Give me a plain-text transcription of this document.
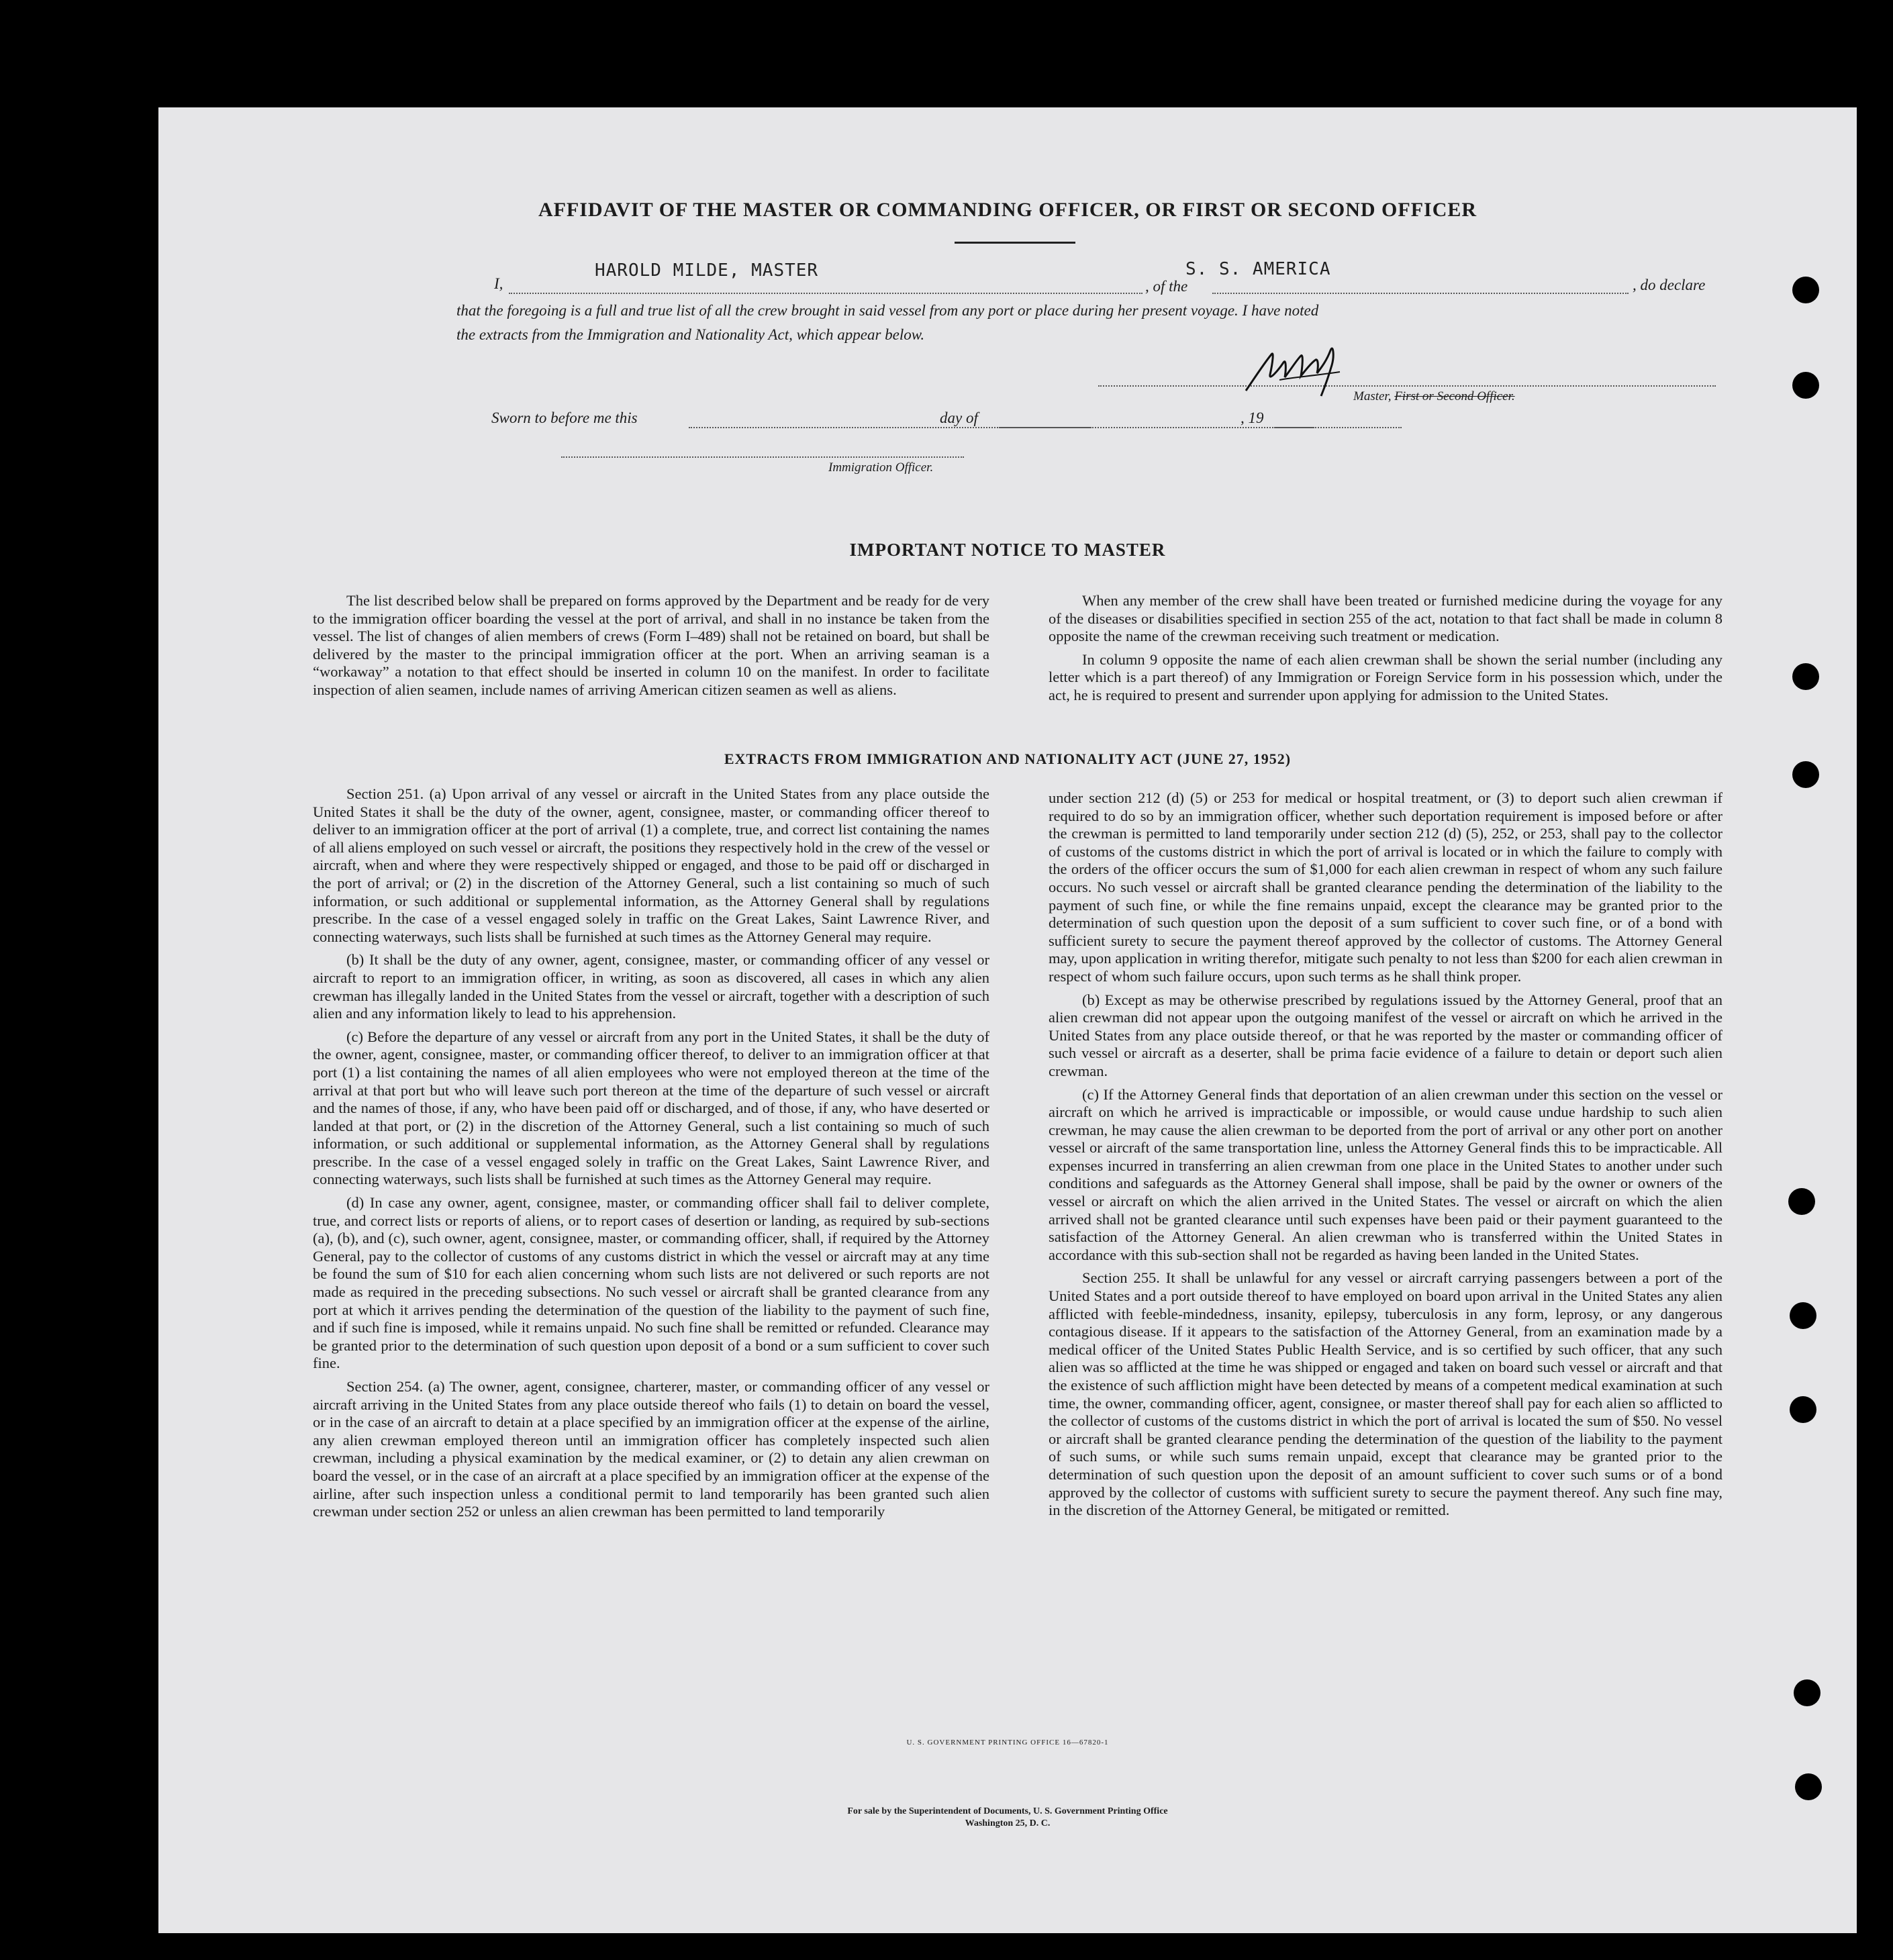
AFFIDAVIT OF THE MASTER OR COMMANDING OFFICER, OR FIRST OR SECOND OFFICER
I,
HAROLD MILDE, MASTER
, of the
S. S. AMERICA
, do declare
that the foregoing is a full and true list of all the crew brought in said vessel from any port or place during her present voyage. I have noted
the extracts from the Immigration and Nationality Act, which appear below.
Master, First or Second Officer.
Sworn to before me this	day of	, 19
Immigration Officer.
IMPORTANT NOTICE TO MASTER

The list described below shall be prepared on forms approved by the Department and be ready for de very to the immigration officer boarding the vessel at the port of arrival, and shall in no instance be taken from the vessel. The list of changes of alien members of crews (Form I–489) shall not be retained on board, but shall be delivered by the master to the principal immigration officer at the port. When an arriving seaman is a “workaway” a notation to that effect should be inserted in column 10 on the manifest. In order to facilitate inspection of alien seamen, include names of arriving American citizen seamen as well as aliens.

When any member of the crew shall have been treated or furnished medicine during the voyage for any of the diseases or disabilities specified in section 255 of the act, notation to that fact shall be made in column 8 opposite the name of the crewman receiving such treatment or medication.

In column 9 opposite the name of each alien crewman shall be shown the serial number (including any letter which is a part thereof) of any Immigration or Foreign Service form in his possession which, under the act, he is required to present and surrender upon applying for admission to the United States.

EXTRACTS FROM IMMIGRATION AND NATIONALITY ACT (JUNE 27, 1952)

Section 251. (a) Upon arrival of any vessel or aircraft in the United States from any place outside the United States it shall be the duty of the owner, agent, consignee, master, or commanding officer thereof to deliver to an immigration officer at the port of arrival (1) a complete, true, and correct list containing the names of all aliens employed on such vessel or aircraft, the positions they respectively hold in the crew of the vessel or aircraft, when and where they were respectively shipped or engaged, and those to be paid off or discharged in the port of arrival; or (2) in the discretion of the Attorney General, such a list containing so much of such information, or such additional or supplemental information, as the Attorney General shall by regulations prescribe. In the case of a vessel engaged solely in traffic on the Great Lakes, Saint Lawrence River, and connecting waterways, such lists shall be furnished at such times as the Attorney General may require.

(b) It shall be the duty of any owner, agent, consignee, master, or commanding officer of any vessel or aircraft to report to an immigration officer, in writing, as soon as discovered, all cases in which any alien crewman has illegally landed in the United States from the vessel or aircraft, together with a description of such alien and any information likely to lead to his apprehension.

(c) Before the departure of any vessel or aircraft from any port in the United States, it shall be the duty of the owner, agent, consignee, master, or commanding officer thereof, to deliver to an immigration officer at that port (1) a list containing the names of all alien employees who were not employed thereon at the time of the arrival at that port but who will leave such port thereon at the time of the departure of such vessel or aircraft and the names of those, if any, who have been paid off or discharged, and of those, if any, who have deserted or landed at that port, or (2) in the discretion of the Attorney General, such a list containing so much of such information, or such additional or supplemental information, as the Attorney General shall by regulations prescribe. In the case of a vessel engaged solely in traffic on the Great Lakes, Saint Lawrence River, and connecting waterways, such lists shall be furnished at such times as the Attorney General may require.

(d) In case any owner, agent, consignee, master, or commanding officer shall fail to deliver complete, true, and correct lists or reports of aliens, or to report cases of desertion or landing, as required by sub-sections (a), (b), and (c), such owner, agent, consignee, master, or commanding officer, shall, if required by the Attorney General, pay to the collector of customs of any customs district in which the vessel or aircraft may at any time be found the sum of $10 for each alien concerning whom such lists are not delivered or such reports are not made as required in the preceding subsections. No such vessel or aircraft shall be granted clearance from any port at which it arrives pending the determination of the question of the liability to the payment of such fine, and if such fine is imposed, while it remains unpaid. No such fine shall be remitted or refunded. Clearance may be granted prior to the determination of such question upon deposit of a bond or a sum sufficient to cover such fine.

Section 254. (a) The owner, agent, consignee, charterer, master, or commanding officer of any vessel or aircraft arriving in the United States from any place outside thereof who fails (1) to detain on board the vessel, or in the case of an aircraft to detain at a place specified by an immigration officer at the expense of the airline, any alien crewman employed thereon until an immigration officer has completely inspected such alien crewman, including a physical examination by the medical examiner, or (2) to detain any alien crewman on board the vessel, or in the case of an aircraft at a place specified by an immigration officer at the expense of the airline, after such inspection unless a conditional permit to land temporarily has been granted such alien crewman under section 252 or unless an alien crewman has been permitted to land temporarily

under section 212 (d) (5) or 253 for medical or hospital treatment, or (3) to deport such alien crewman if required to do so by an immigration officer, whether such deportation requirement is imposed before or after the crewman is permitted to land temporarily under section 212 (d) (5), 252, or 253, shall pay to the collector of customs of the customs district in which the port of arrival is located or in which the failure to comply with the orders of the officer occurs the sum of $1,000 for each alien crewman in respect of whom any such failure occurs. No such vessel or aircraft shall be granted clearance pending the determination of the liability to the payment of such fine, or while the fine remains unpaid, except the clearance may be granted prior to the determination of such question upon the deposit of a sum sufficient to cover such fine, or of a bond with sufficient surety to secure the payment thereof approved by the collector of customs. The Attorney General may, upon application in writing therefor, mitigate such penalty to not less than $200 for each alien crewman in respect of whom such failure occurs, upon such terms as he shall think proper.

(b) Except as may be otherwise prescribed by regulations issued by the Attorney General, proof that an alien crewman did not appear upon the outgoing manifest of the vessel or aircraft on which he arrived in the United States from any place outside thereof, or that he was reported by the master or commanding officer of such vessel or aircraft as a deserter, shall be prima facie evidence of a failure to detain or deport such alien crewman.

(c) If the Attorney General finds that deportation of an alien crewman under this section on the vessel or aircraft on which he arrived is impracticable or impossible, or would cause undue hardship to such alien crewman, he may cause the alien crewman to be deported from the port of arrival or any other port on another vessel or aircraft of the same transportation line, unless the Attorney General finds this to be impracticable. All expenses incurred in transferring an alien crewman from one place in the United States to another under such conditions and safeguards as the Attorney General shall impose, shall be paid by the owner or owners of the vessel or aircraft on which the alien arrived in the United States. The vessel or aircraft on which the alien arrived shall not be granted clearance until such expenses have been paid or their payment guaranteed to the satisfaction of the Attorney General. An alien crewman who is transferred within the United States in accordance with this sub-section shall not be regarded as having been landed in the United States.

Section 255. It shall be unlawful for any vessel or aircraft carrying passengers between a port of the United States and a port outside thereof to have employed on board upon arrival in the United States any alien afflicted with feeble-mindedness, insanity, epilepsy, tuberculosis in any form, leprosy, or any dangerous contagious disease. If it appears to the satisfaction of the Attorney General, from an examination made by a medical officer of the United States Public Health Service, and is so certified by such officer, that any such alien was so afflicted at the time he was shipped or engaged and taken on board such vessel or aircraft and that the existence of such affliction might have been detected by means of a competent medical examination at such time, the owner, commanding officer, agent, consignee, or master thereof shall pay for each alien so afflicted to the collector of customs of the customs district in which the port of arrival is located the sum of $50. No vessel or aircraft shall be granted clearance pending the determination of the question of the liability to the payment of such sums, or while such sums remain unpaid, except that clearance may be granted prior to the determination of such question upon the deposit of an amount sufficient to cover such sums or of a bond approved by the collector of customs with sufficient surety to secure the payment thereof. Any such fine may, in the discretion of the Attorney General, be mitigated or remitted.

U. S. GOVERNMENT PRINTING OFFICE 16—67820-1
For sale by the Superintendent of Documents, U. S. Government Printing Office
Washington 25, D. C.
